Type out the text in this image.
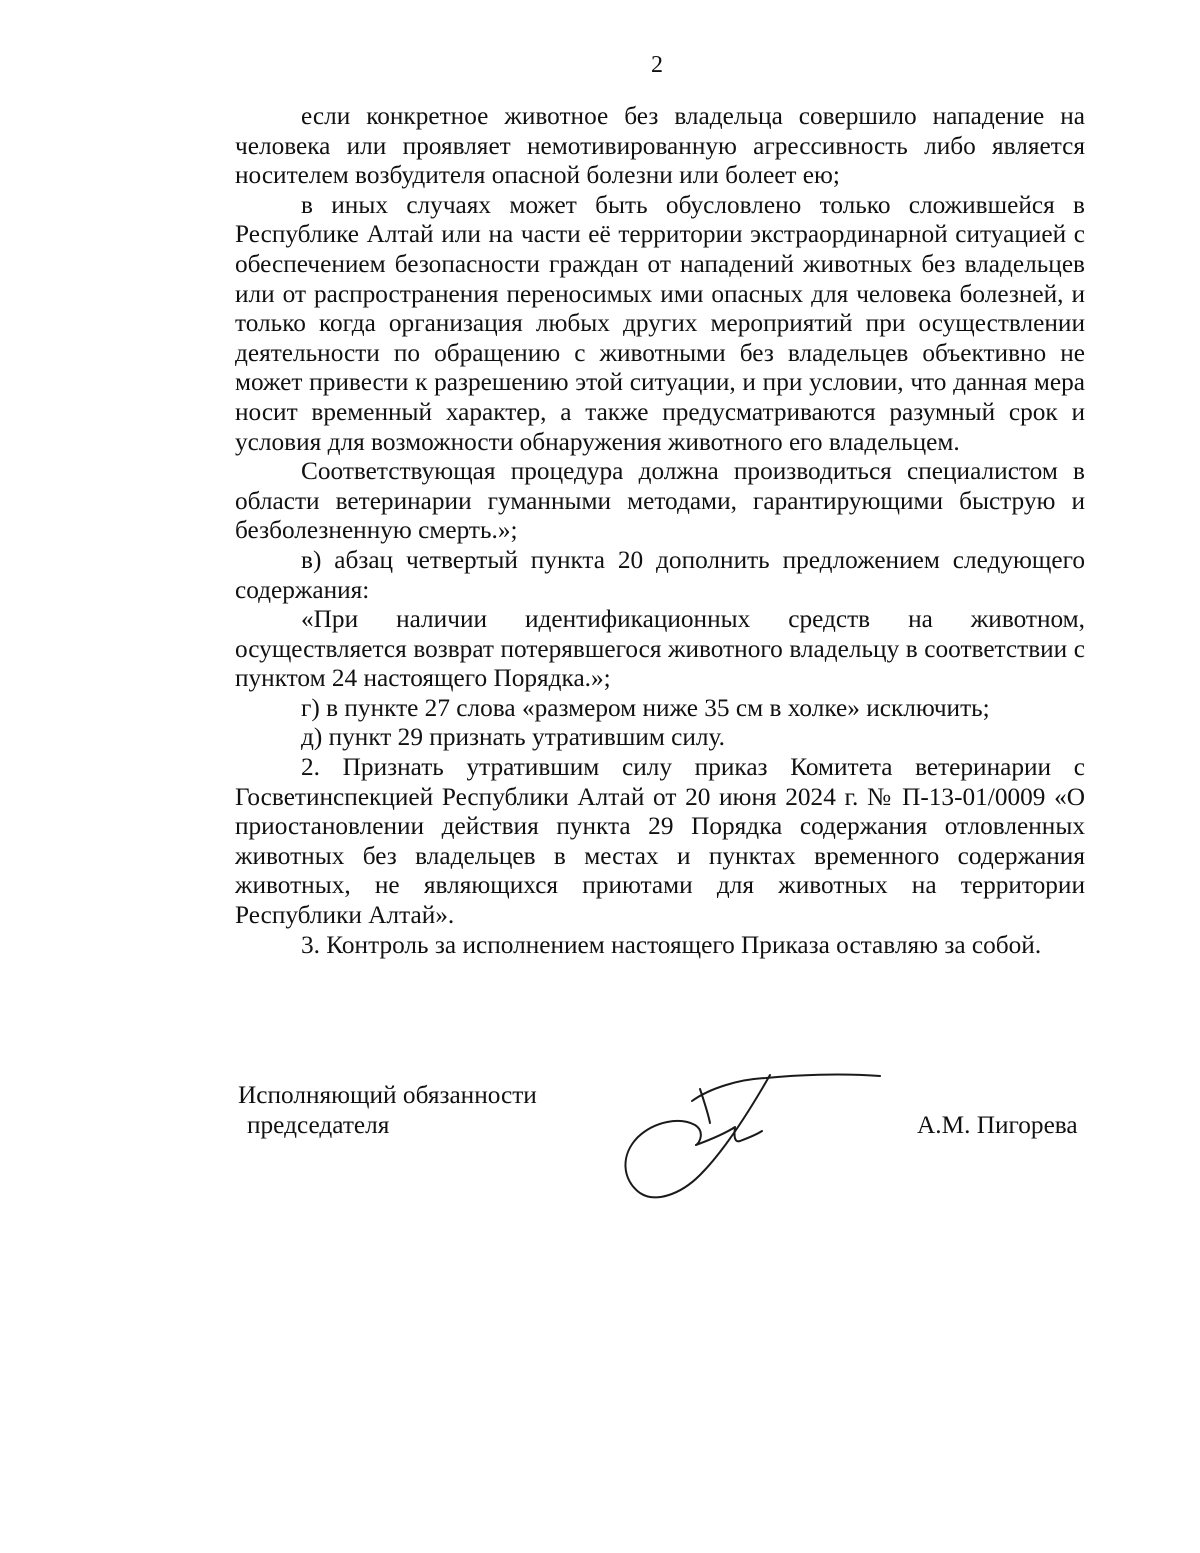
2

если конкретное животное без владельца совершило нападение на человека или проявляет немотивированную агрессивность либо является носителем возбудителя опасной болезни или болеет ею;

в иных случаях может быть обусловлено только сложившейся в Республике Алтай или на части её территории экстраординарной ситуацией с обеспечением безопасности граждан от нападений животных без владельцев или от распространения переносимых ими опасных для человека болезней, и только когда организация любых других мероприятий при осуществлении деятельности по обращению с животными без владельцев объективно не может привести к разрешению этой ситуации, и при условии, что данная мера носит временный характер, а также предусматриваются разумный срок и условия для возможности обнаружения животного его владельцем.

Соответствующая процедура должна производиться специалистом в области ветеринарии гуманными методами, гарантирующими быструю и безболезненную смерть.»;

в) абзац четвертый пункта 20 дополнить предложением следующего содержания:

«При наличии идентификационных средств на животном, осуществляется возврат потерявшегося животного владельцу в соответствии с пунктом 24 настоящего Порядка.»;

г) в пункте 27 слова «размером ниже 35 см в холке» исключить;

д) пункт 29 признать утратившим силу.

2. Признать утратившим силу приказ Комитета ветеринарии с Госветинспекцией Республики Алтай от 20 июня 2024 г. № П-13-01/0009 «О приостановлении действия пункта 29 Порядка содержания отловленных животных без владельцев в местах и пунктах временного содержания животных, не являющихся приютами для животных на территории Республики Алтай».

3. Контроль за исполнением настоящего Приказа оставляю за собой.

Исполняющий обязанности
председателя	А.М. Пигорева
